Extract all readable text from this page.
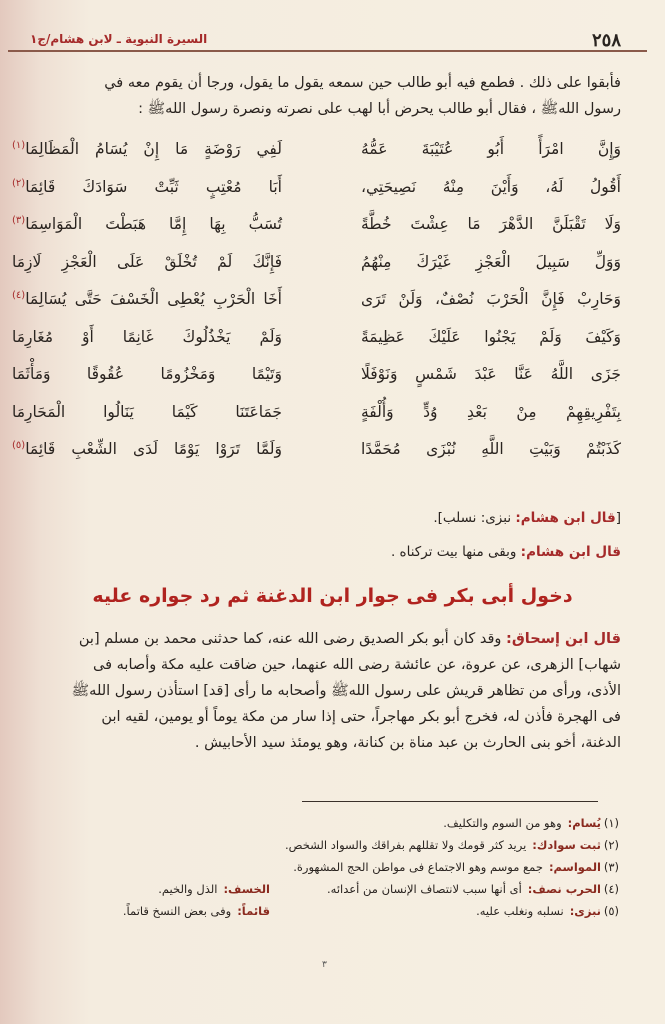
٢٥٨
السيرة النبوية ـ لابن هشام/ج١

فأبقوا على ذلك . فطمع فيه أبو طالب حين سمعه يقول ما يقول، ورجا أن يقوم معه في

رسول اللهﷺ ، فقال أبو طالب يحرض أبا لهب على نصرته ونصرة رسول اللهﷺ :

وَإِنَّ امْرَأً أَبُو عُتَيْبَةَ عَمُّهُ
لَفِي رَوْضَةٍ مَا إِنْ يُسَامُ الْمَظَالِمَا$^{(١)}$
أَقُولُ لَهُ، وَأَيْنَ مِنْهُ نَصِيحَتِي،
أَبَا مُعْتِبٍ ثَبِّتْ سَوَادَكَ قَائِمَا$^{(٢)}$
وَلَا تَقْبَلَنَّ الدَّهْرَ مَا عِشْتَ خُطَّةً
تُسَبُّ بِهَا إِمَّا هَبَطْتَ الْمَوَاسِمَا$^{(٣)}$
وَوَلِّ سَبِيلَ الْعَجْزِ غَيْرَكَ مِنْهُمُ
فَإِنَّكَ لَمْ تُخْلَقْ عَلَى الْعَجْزِ لَازِمَا
وَحَارِبْ فَإِنَّ الْحَرْبَ نُصْفٌ، وَلَنْ تَرَى
أَخَا الْحَرْبِ يُعْطِى الْخَسْفَ حَتَّى يُسَالِمَا$^{(٤)}$
وَكَيْفَ وَلَمْ يَجْنُوا عَلَيْكَ عَظِيمَةً
وَلَمْ يَخْذُلُوكَ غَانِمًا أَوْ مُغَارِمَا
جَزَى اللَّهُ عَنَّا عَبْدَ شَمْسٍ وَنَوْفَلًا
وَتَيْمًا وَمَخْزُومًا عُقُوقًا وَمَأْثَمَا
بِتَفْرِيقِهِمْ مِنْ بَعْدِ وُدٍّ وَأُلْفَةٍ
جَمَاعَتَنَا كَيْمَا يَنَالُوا الْمَحَارِمَا
كَذَبْتُمْ وَبَيْتِ اللَّهِ نُبْزَى مُحَمَّدًا
وَلَمَّا تَرَوْا يَوْمًا لَدَى الشِّعْبِ قَائِمَا$^{(٥)}$
[قال ابن هشام: نبزى: نسلب].
قال ابن هشام: وبقى منها بيت تركناه .
دخول أبى بكر فى جوار ابن الدغنة ثم رد جواره عليه

قال ابن إسحاق: وقد كان أبو بكر الصديق رضى الله عنه، كما حدثنى محمد بن مسلم [بن

شهاب] الزهرى، عن عروة، عن عائشة رضى الله عنهما، حين ضاقت عليه مكة وأصابه فى

الأذى، ورأى من تظاهر قريش على رسول اللهﷺ وأصحابه ما رأى [قد] استأذن رسول اللهﷺ

فى الهجرة فأذن له، فخرج أبو بكر مهاجراً، حتى إذا سار من مكة يوماً أو يومين، لقيه ابن

الدغنة، أخو بنى الحارث بن عبد مناة بن كنانة، وهو يومئذ سيد الأحابيش .

(١)يُسام:وهو من السوم والتكليف.
(٢)ثبت سوادك:يريد كثر قومك ولا تقللهم بفراقك والسواد الشخص.
(٣)المواسم:جمع موسم وهو الاجتماع فى مواطن الحج المشهورة.
(٤)الحرب نصف:أى أنها سبب لانتصاف الإنسان من أعدائه.
الخسف:الذل والخيم.
(٥)نبزى:نسلبه ونغلب عليه.
قائماً:وفى بعض النسخ قاتماً.
٣
